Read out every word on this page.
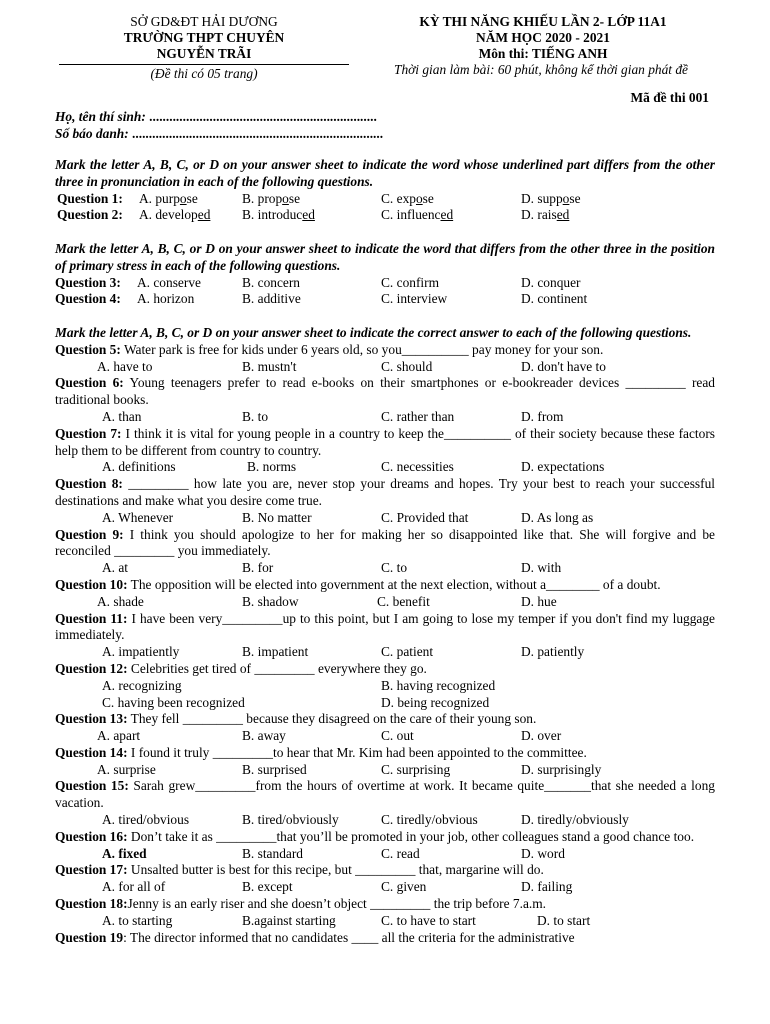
SỞ GD&ĐT HẢI DƯƠNG
TRƯỜNG THPT CHUYÊN
NGUYỄN TRÃI
(Đề thi có 05 trang)
KỲ THI NĂNG KHIẾU LẦN 2- LỚP 11A1
NĂM HỌC 2020 - 2021
Môn thi: TIẾNG ANH
Thời gian làm bài: 60 phút, không kể thời gian phát đề
Mã đề thi 001
Họ, tên thí sinh: ....................................................................
Số báo danh: ...........................................................................

Mark the letter A, B, C, or D on your answer sheet to indicate the word whose underlined part differs from the other three in pronunciation in each of the following questions.

Question 1: A. purpose	B. propose	C. expose	D. suppose
Question 2: A. developed B. introduced	C. influenced	D. raised

Mark the letter A, B, C, or D on your answer sheet to indicate the word that differs from the other three in the position of primary stress in each of the following questions.

Question 3: A. conserve	B. concern	C. confirm	D. conquer
Question 4: A. horizon	B. additive	C. interview	D. continent

Mark the letter A, B, C, or D on your answer sheet to indicate the correct answer to each of the following questions.

Question 5: Water park is free for kids under 6 years old, so you__________ pay money for your son.

A. have to	B. mustn't	C. should	D. don't have to

Question 6: Young teenagers prefer to read e-books on their smartphones or e-bookreader devices _________ read traditional books.

A. than	B. to	C. rather than	D. from

Question 7: I think it is vital for young people in a country to keep the__________ of their society because these factors help them to be different from country to country.

A. definitions	B. norms	C. necessities	D. expectations

Question 8: _________ how late you are, never stop your dreams and hopes. Try your best to reach your successful destinations and make what you desire come true.

A. Whenever	B. No matter	C. Provided that	D. As long as

Question 9: I think you should apologize to her for making her so disappointed like that. She will forgive and be reconciled _________ you immediately.

A. at	B. for	C. to	D. with

Question 10: The opposition will be elected into government at the next election, without a________ of a doubt.

A. shade	B. shadow	C. benefit	D. hue

Question 11: I have been very_________up to this point, but I am going to lose my temper if you don't find my luggage immediately.

A. impatiently	B. impatient	C. patient	D. patiently

Question 12: Celebrities get tired of _________ everywhere they go.

A. recognizing	B. having recognized
C. having been recognized	D. being recognized

Question 13: They fell _________ because they disagreed on the care of their young son.

A. apart	B. away	C. out	D. over

Question 14: I found it truly _________to hear that Mr. Kim had been appointed to the committee.

A. surprise	B. surprised	C. surprising	D. surprisingly

Question 15: Sarah grew_________from the hours of overtime at work. It became quite_______that she needed a long vacation.

A. tired/obvious	B. tired/obviously	C. tiredly/obvious	D. tiredly/obviously

Question 16: Don’t take it as _________that you’ll be promoted in your job, other colleagues stand a good chance too.

A. fixed	B. standard	C. read	D. word

Question 17: Unsalted butter is best for this recipe, but _________ that, margarine will do.

A. for all of	B. except	C. given	D. failing

Question 18:Jenny is an early riser and she doesn’t object _________ the trip before 7.a.m.

A. to starting	B.against starting	C. to have to start	D. to start

Question 19: The director informed that no candidates ____ all the criteria for the administrative
